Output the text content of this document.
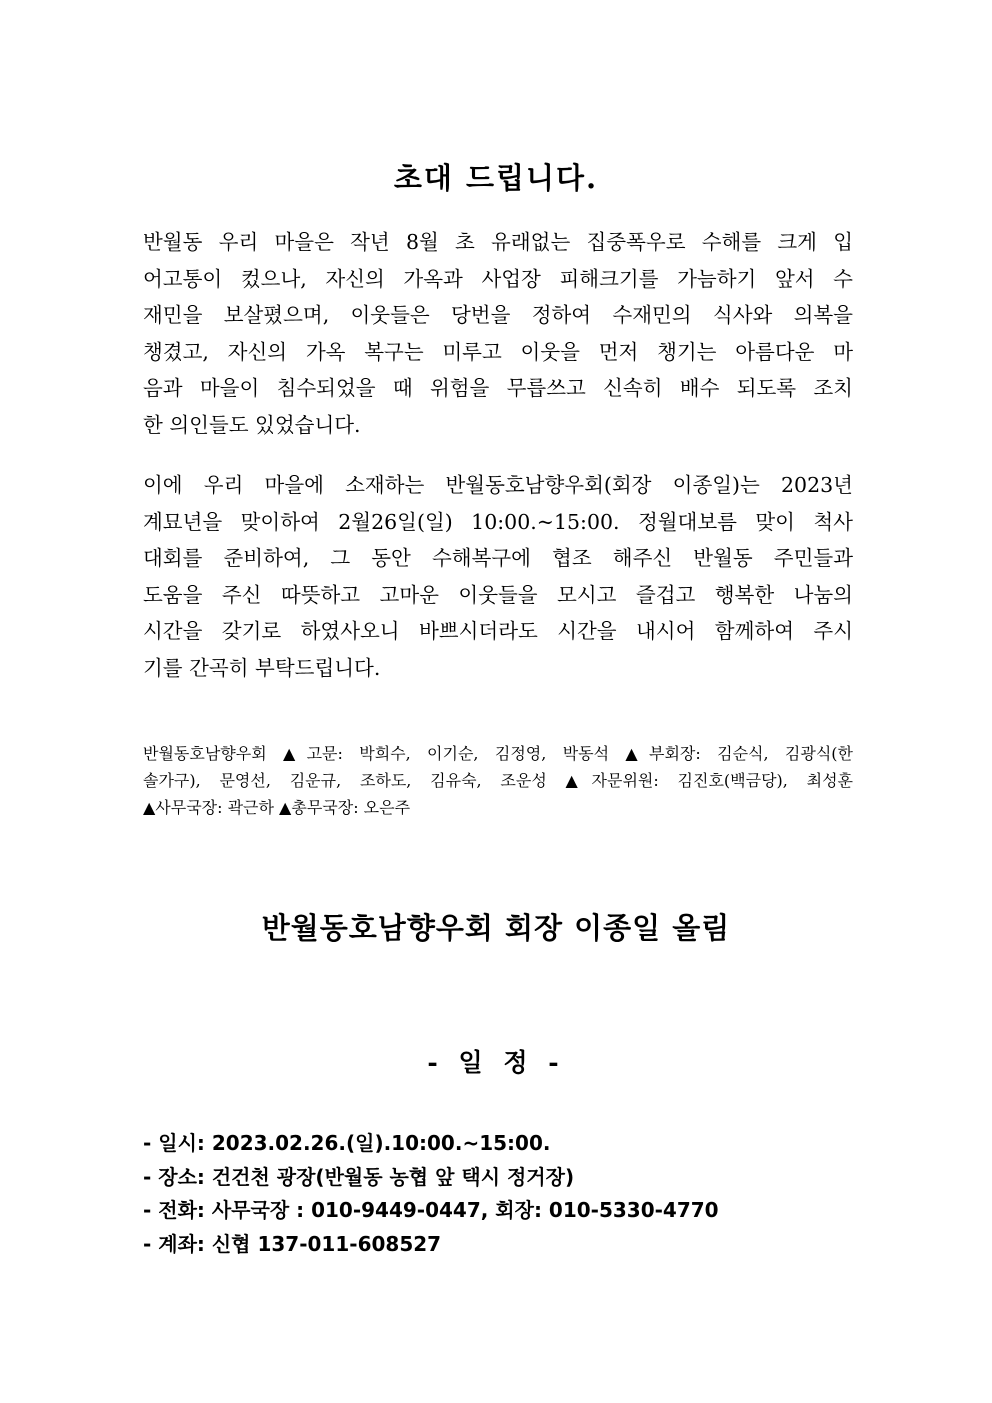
초대 드립니다.

반월동 우리 마을은 작년 8월 초 유래없는 집중폭우로 수해를 크게 입
어고통이 컸으나, 자신의 가옥과 사업장 피해크기를 가늠하기 앞서 수
재민을 보살폈으며, 이웃들은 당번을 정하여 수재민의 식사와 의복을
챙겼고, 자신의 가옥 복구는 미루고 이웃을 먼저 챙기는 아름다운 마
음과 마을이 침수되었을 때 위험을 무릅쓰고 신속히 배수 되도록 조치
한 의인들도 있었습니다.

이에 우리 마을에 소재하는 반월동호남향우회(회장 이종일)는 2023년
계묘년을 맞이하여 2월26일(일) 10:00.~15:00. 정월대보름 맞이 척사
대회를 준비하여, 그 동안 수해복구에 협조 해주신 반월동 주민들과
도움을 주신 따뜻하고 고마운 이웃들을 모시고 즐겁고 행복한 나눔의
시간을 갖기로 하였사오니 바쁘시더라도 시간을 내시어 함께하여 주시
기를 간곡히 부탁드립니다.

반월동호남향우회 ▲고문: 박희수, 이기순, 김정영, 박동석 ▲부회장: 김순식, 김광식(한
솔가구), 문영선, 김운규, 조하도, 김유숙, 조운성 ▲자문위원: 김진호(백금당), 최성훈
▲사무국장: 곽근하 ▲총무국장: 오은주

반월동호남향우회 회장 이종일 올림
- 일 정 -
- 일시: 2023.02.26.(일).10:00.~15:00.
- 장소: 건건천 광장(반월동 농협 앞 택시 정거장)
- 전화: 사무국장 : 010-9449-0447, 회장: 010-5330-4770
- 계좌: 신협 137-011-608527
